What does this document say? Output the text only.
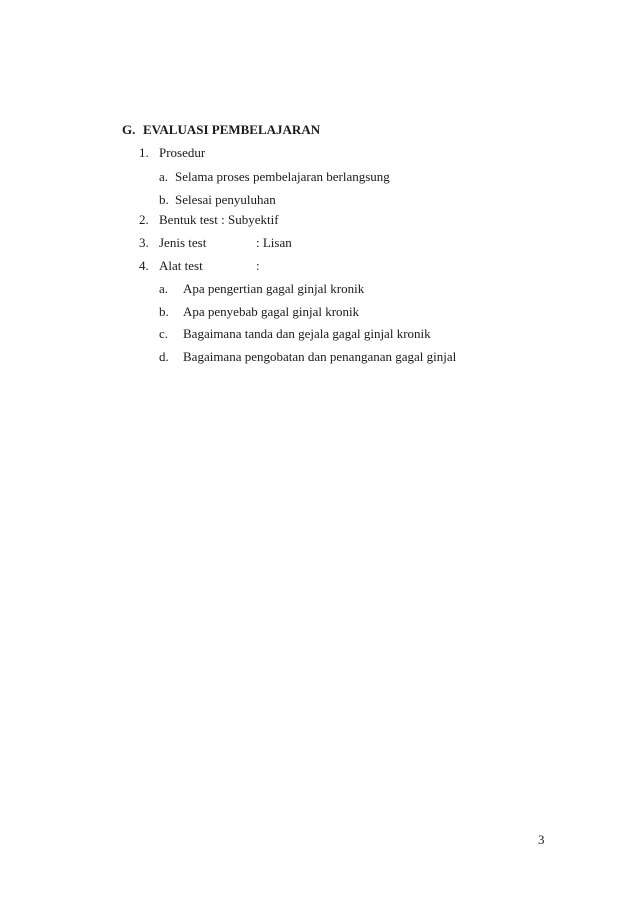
G. EVALUASI PEMBELAJARAN
1. Prosedur
a. Selama proses pembelajaran berlangsung
b. Selesai penyuluhan
2. Bentuk test : Subyektif
3. Jenis test	: Lisan
4. Alat test	:
a. Apa pengertian gagal ginjal kronik
b. Apa penyebab gagal ginjal kronik
c. Bagaimana tanda dan gejala gagal ginjal kronik
d. Bagaimana pengobatan dan penanganan gagal ginjal
3
